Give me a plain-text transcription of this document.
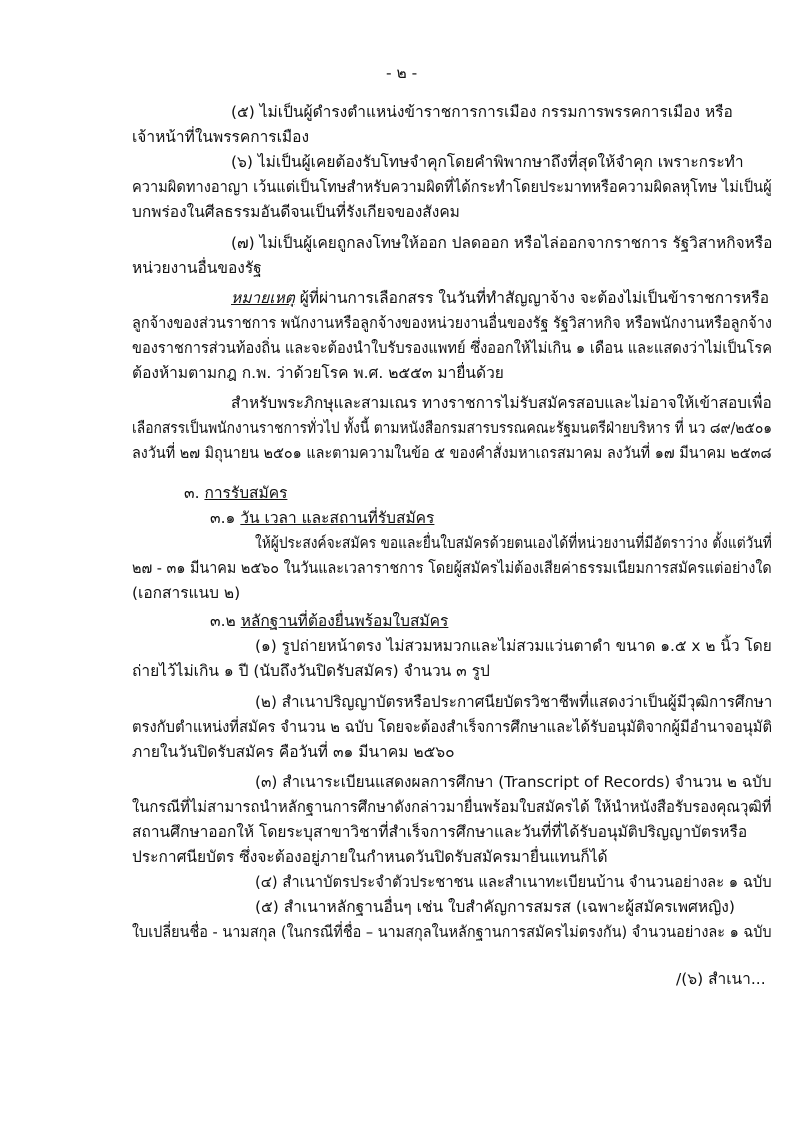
- ๒ -
(๕) ไม่เป็นผู้ดำรงตำแหน่งข้าราชการการเมือง กรรมการพรรคการเมือง หรือ
เจ้าหน้าที่ในพรรคการเมือง
(๖) ไม่เป็นผู้เคยต้องรับโทษจำคุกโดยคำพิพากษาถึงที่สุดให้จำคุก เพราะกระทำ
ความผิดทางอาญา เว้นแต่เป็นโทษสำหรับความผิดที่ได้กระทำโดยประมาทหรือความผิดลหุโทษ ไม่เป็นผู้
บกพร่องในศีลธรรมอันดีจนเป็นที่รังเกียจของสังคม
(๗) ไม่เป็นผู้เคยถูกลงโทษให้ออก ปลดออก หรือไล่ออกจากราชการ รัฐวิสาหกิจหรือ
หน่วยงานอื่นของรัฐ
หมายเหตุ ผู้ที่ผ่านการเลือกสรร ในวันที่ทำสัญญาจ้าง จะต้องไม่เป็นข้าราชการหรือ
ลูกจ้างของส่วนราชการ พนักงานหรือลูกจ้างของหน่วยงานอื่นของรัฐ รัฐวิสาหกิจ หรือพนักงานหรือลูกจ้าง
ของราชการส่วนท้องถิ่น และจะต้องนำใบรับรองแพทย์ ซึ่งออกให้ไม่เกิน ๑ เดือน และแสดงว่าไม่เป็นโรค
ต้องห้ามตามกฎ ก.พ. ว่าด้วยโรค พ.ศ. ๒๕๕๓ มายื่นด้วย
สำหรับพระภิกษุและสามเณร ทางราชการไม่รับสมัครสอบและไม่อาจให้เข้าสอบเพื่อ
เลือกสรรเป็นพนักงานราชการทั่วไป ทั้งนี้ ตามหนังสือกรมสารบรรณคณะรัฐมนตรีฝ่ายบริหาร ที่ นว ๘๙/๒๕๐๑
ลงวันที่ ๒๗ มิถุนายน ๒๕๐๑ และตามความในข้อ ๕ ของคำสั่งมหาเถรสมาคม ลงวันที่ ๑๗ มีนาคม ๒๕๓๘
๓. การรับสมัคร
๓.๑ วัน เวลา และสถานที่รับสมัคร
ให้ผู้ประสงค์จะสมัคร ขอและยื่นใบสมัครด้วยตนเองได้ที่หน่วยงานที่มีอัตราว่าง ตั้งแต่วันที่
๒๗ - ๓๑ มีนาคม ๒๕๖๐ ในวันและเวลาราชการ โดยผู้สมัครไม่ต้องเสียค่าธรรมเนียมการสมัครแต่อย่างใด
(เอกสารแนบ ๒)
๓.๒ หลักฐานที่ต้องยื่นพร้อมใบสมัคร
(๑) รูปถ่ายหน้าตรง ไม่สวมหมวกและไม่สวมแว่นตาดำ ขนาด ๑.๕ x ๒ นิ้ว โดย
ถ่ายไว้ไม่เกิน ๑ ปี (นับถึงวันปิดรับสมัคร) จำนวน ๓ รูป
(๒) สำเนาปริญญาบัตรหรือประกาศนียบัตรวิชาชีพที่แสดงว่าเป็นผู้มีวุฒิการศึกษา
ตรงกับตำแหน่งที่สมัคร จำนวน ๒ ฉบับ โดยจะต้องสำเร็จการศึกษาและได้รับอนุมัติจากผู้มีอำนาจอนุมัติ
ภายในวันปิดรับสมัคร คือวันที่ ๓๑ มีนาคม ๒๕๖๐
(๓) สำเนาระเบียนแสดงผลการศึกษา (Transcript of Records) จำนวน ๒ ฉบับ
ในกรณีที่ไม่สามารถนำหลักฐานการศึกษาดังกล่าวมายื่นพร้อมใบสมัครได้ ให้นำหนังสือรับรองคุณวุฒิที่
สถานศึกษาออกให้ โดยระบุสาขาวิชาที่สำเร็จการศึกษาและวันที่ที่ได้รับอนุมัติปริญญาบัตรหรือ
ประกาศนียบัตร ซึ่งจะต้องอยู่ภายในกำหนดวันปิดรับสมัครมายื่นแทนก็ได้
(๔) สำเนาบัตรประจำตัวประชาชน และสำเนาทะเบียนบ้าน จำนวนอย่างละ ๑ ฉบับ
(๕) สำเนาหลักฐานอื่นๆ เช่น ใบสำคัญการสมรส (เฉพาะผู้สมัครเพศหญิง)
ใบเปลี่ยนชื่อ - นามสกุล (ในกรณีที่ชื่อ – นามสกุลในหลักฐานการสมัครไม่ตรงกัน) จำนวนอย่างละ ๑ ฉบับ
/(๖) สำเนา...
